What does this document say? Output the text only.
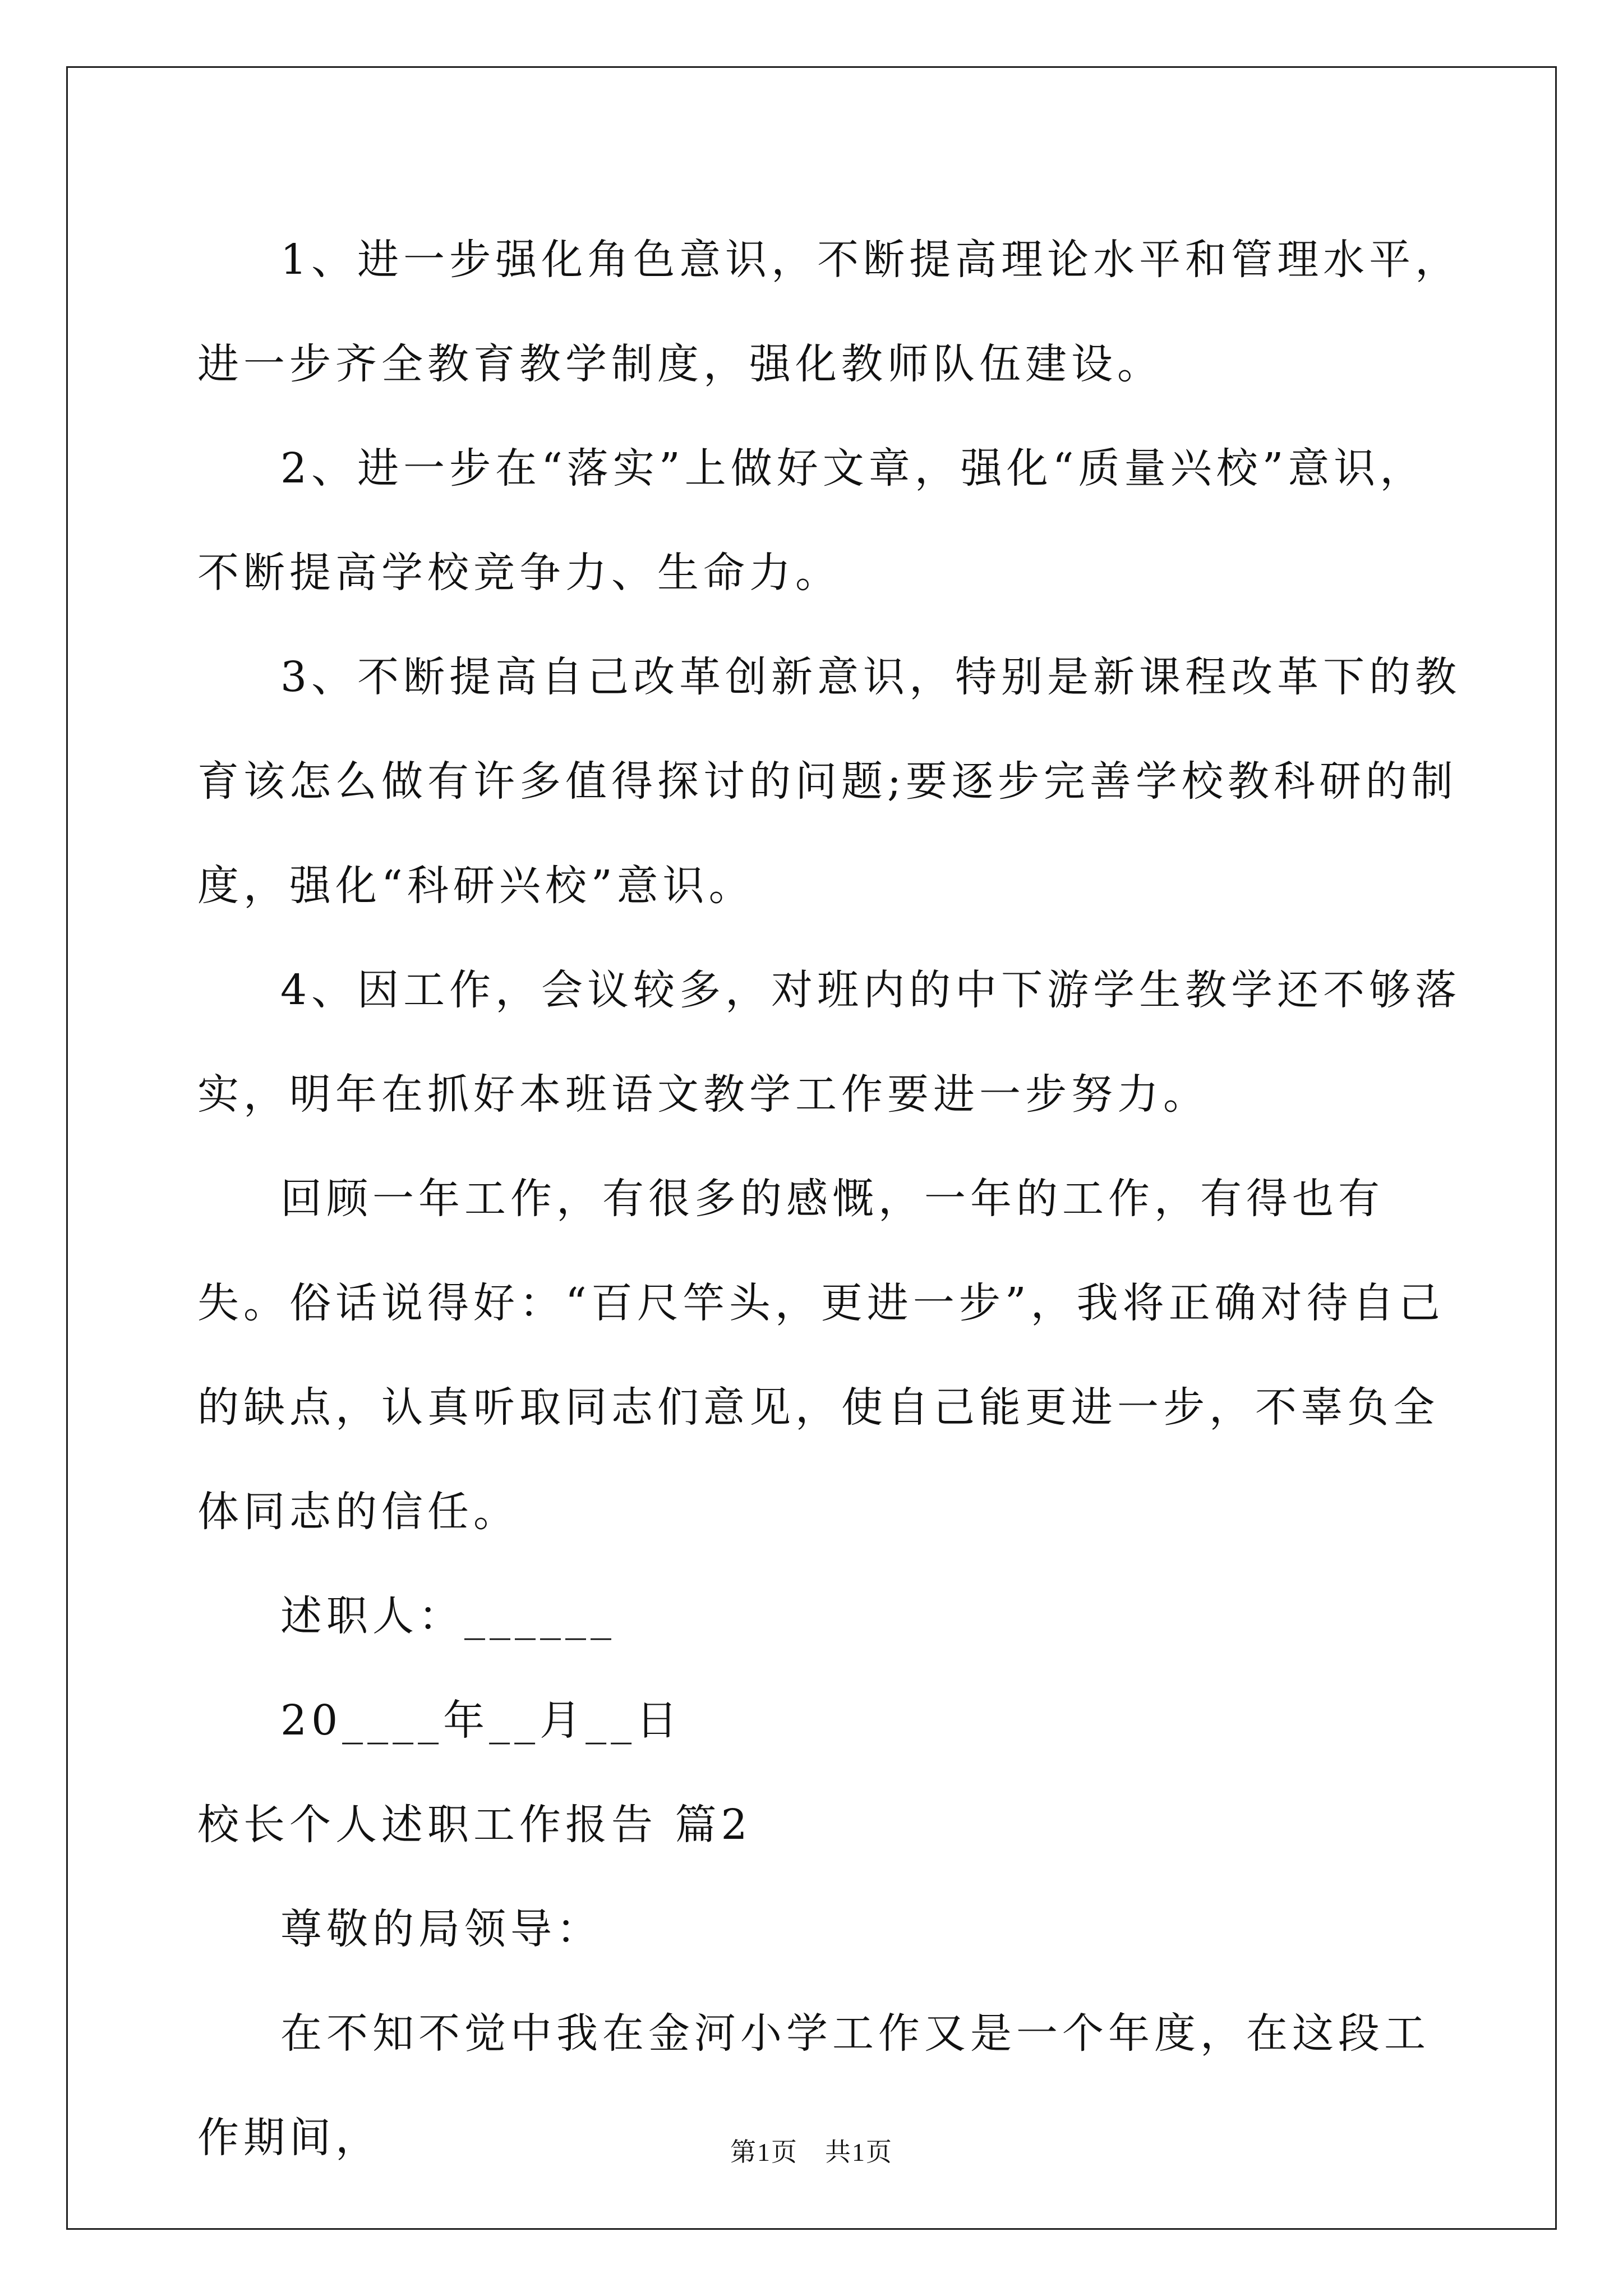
1、进一步强化角色意识，不断提高理论水平和管理水平，进一步齐全教育教学制度，强化教师队伍建设。

2、进一步在“落实”上做好文章，强化“质量兴校”意识，不断提高学校竞争力、生命力。

3、不断提高自己改革创新意识，特别是新课程改革下的教育该怎么做有许多值得探讨的问题;要逐步完善学校教科研的制度，强化“科研兴校”意识。

4、因工作，会议较多，对班内的中下游学生教学还不够落实，明年在抓好本班语文教学工作要进一步努力。

回顾一年工作，有很多的感慨，一年的工作，有得也有失。俗话说得好：“百尺竿头，更进一步”，我将正确对待自己的缺点，认真听取同志们意见，使自己能更进一步，不辜负全体同志的信任。

述职人：______

20____年__月__日

校长个人述职工作报告 篇2

尊敬的局领导：

在不知不觉中我在金河小学工作又是一个年度，在这段工作期间，	第1页　共1页
